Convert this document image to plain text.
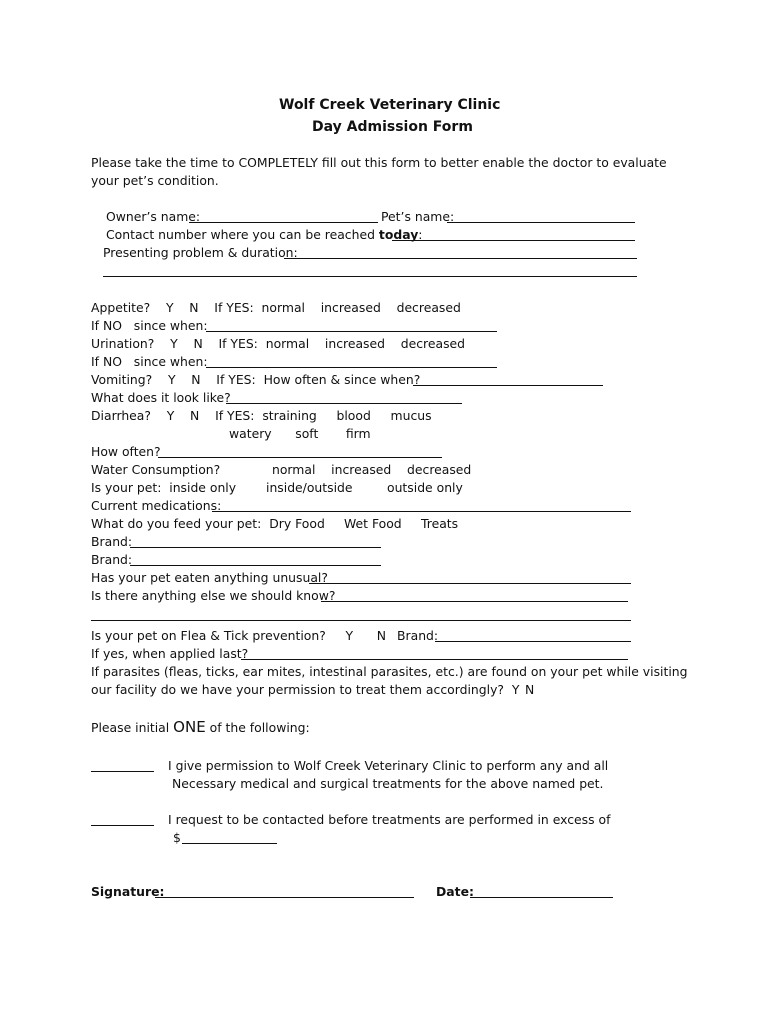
Wolf Creek Veterinary Clinic
Day Admission Form
Please take the time to COMPLETELY fill out this form to better enable the doctor to evaluate
your pet’s condition.
Owner’s name:	Pet’s name:
Contact number where you can be reached today:
Presenting problem & duration:
Appetite?    Y    N    If YES:  normal    increased    decreased
If NO   since when:
Urination?    Y    N    If YES:  normal    increased    decreased
If NO   since when:
Vomiting?    Y    N    If YES:  How often & since when?
What does it look like?
Diarrhea?    Y    N    If YES:  straining     blood     mucus
watery      soft       firm
How often?
Water Consumption?	normal    increased    decreased
Is your pet:  inside only inside/outside	outside only
Current medications:
What do you feed your pet:  Dry Food Wet Food Treats
Brand:
Brand:
Has your pet eaten anything unusual?
Is there anything else we should know?
Is your pet on Flea & Tick prevention?     Y      N Brand:
If yes, when applied last?
If parasites (fleas, ticks, ear mites, intestinal parasites, etc.) are found on your pet while visiting
our facility do we have your permission to treat them accordingly?  Y N
Please initial ONE of the following:
I give permission to Wolf Creek Veterinary Clinic to perform any and all
Necessary medical and surgical treatments for the above named pet.
I request to be contacted before treatments are performed in excess of
$
Signature:	Date:
